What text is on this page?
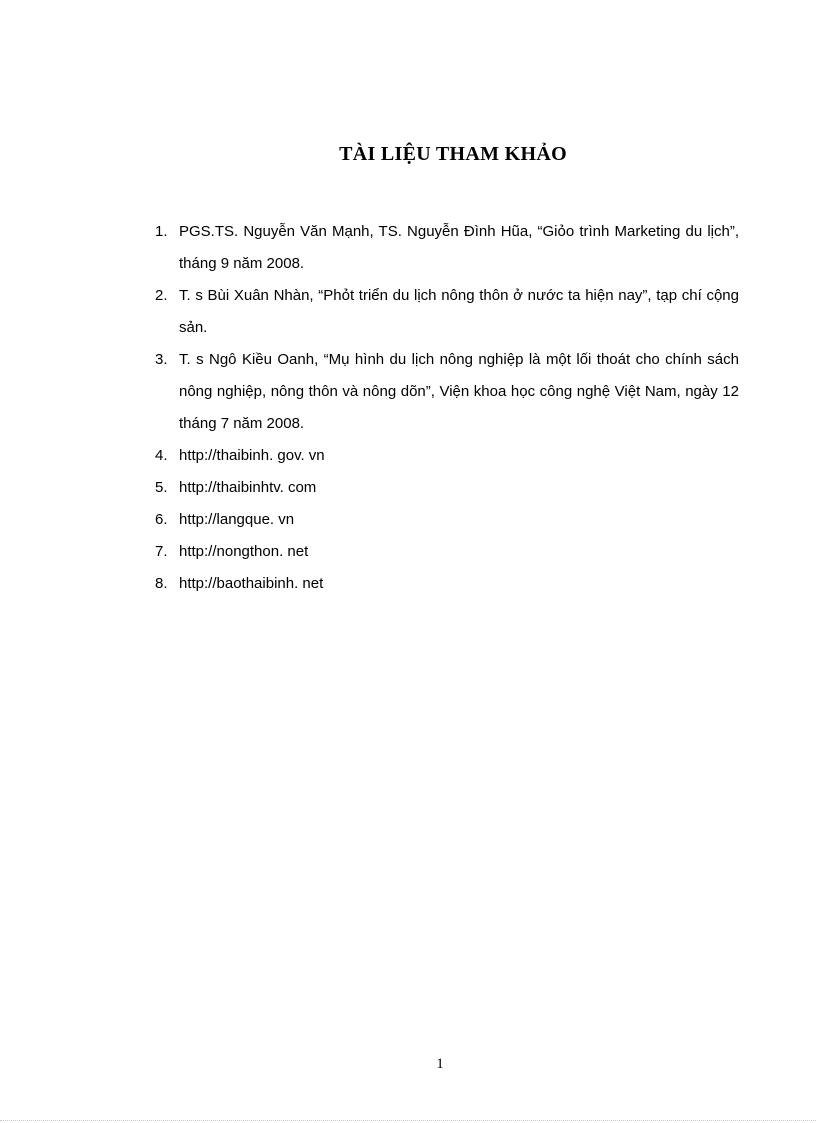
TÀI LIỆU THAM KHẢO
1. PGS.TS. Nguyễn Văn Mạnh, TS. Nguyễn Đình Hũa, “Giỏo trình Marketing du lịch”, tháng 9 năm 2008.
2. T. s Bùi Xuân Nhàn, “Phỏt triển du lịch nông thôn ở nước ta hiện nay”, tạp chí cộng sản.
3. T. s Ngô Kiều Oanh, “Mụ hình du lịch nông nghiệp là một lối thoát cho chính sách nông nghiệp, nông thôn và nông dõn”, Viện khoa học công nghệ Việt Nam, ngày 12 tháng 7 năm 2008.
4. http://thaibinh. gov. vn
5. http://thaibinhtv. com
6. http://langque. vn
7. http://nongthon. net
8. http://baothaibinh. net
1
